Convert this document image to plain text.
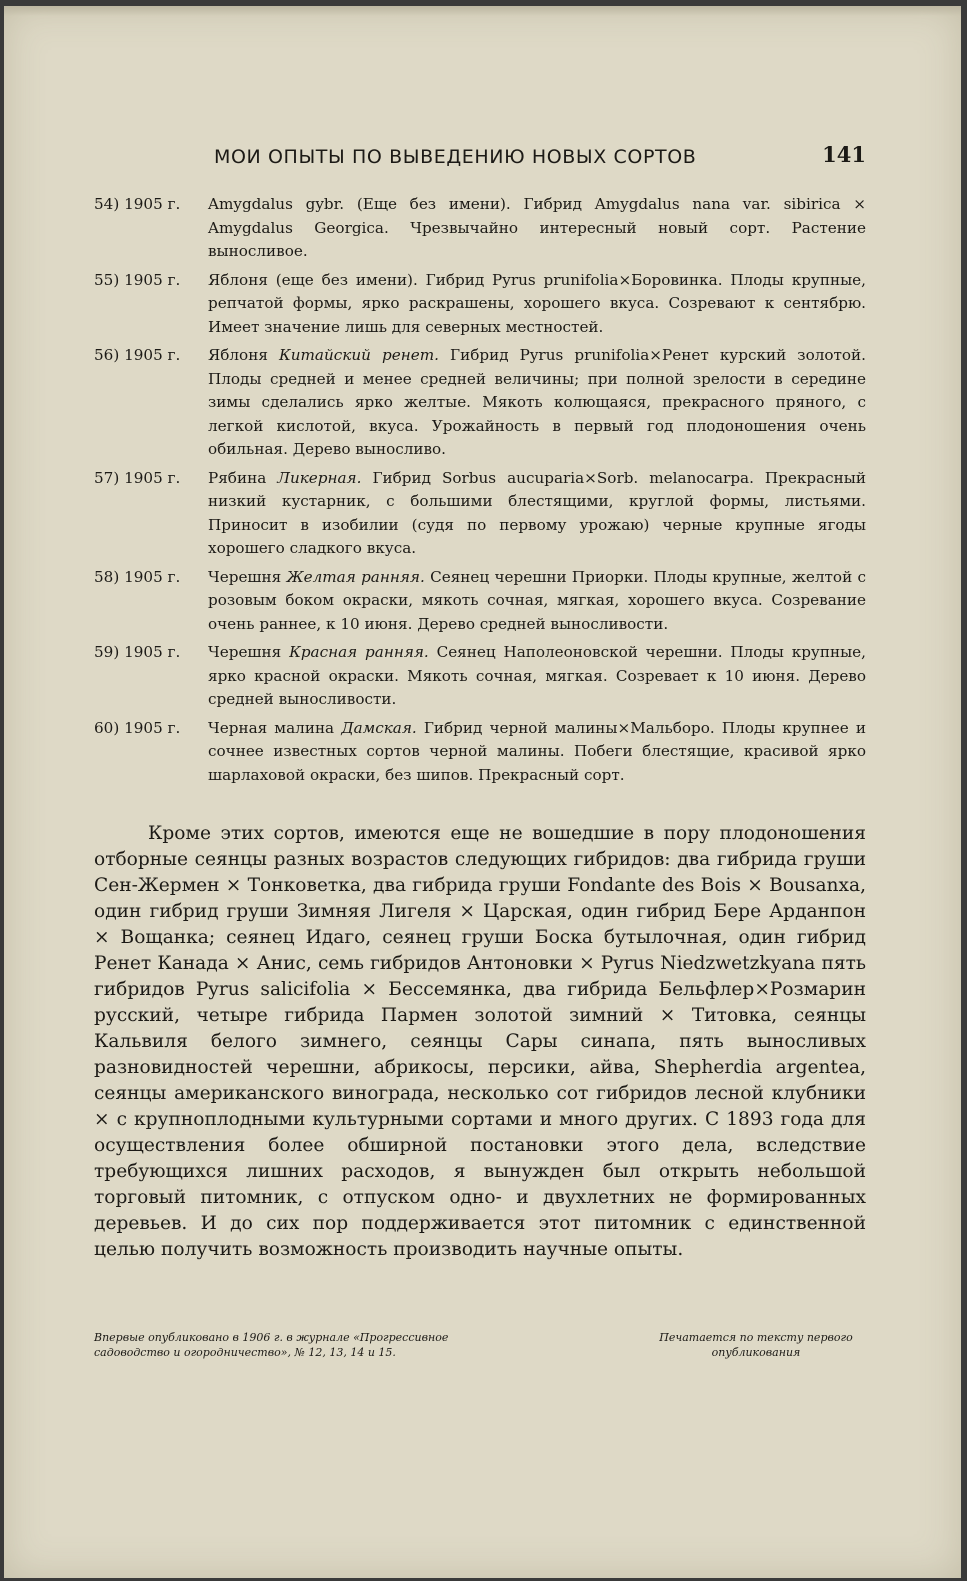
МОИ ОПЫТЫ ПО ВЫВЕДЕНИЮ НОВЫХ СОРТОВ	141
54) 1905 г.	Amygdalus gybr. (Еще без имени). Гибрид Amygdalus nana var. sibirica × Amygdalus Georgica. Чрезвычайно интересный новый сорт. Растение выносливое.
55) 1905 г.	Яблоня (еще без имени). Гибрид Pyrus prunifolia×Боровинка. Плоды крупные, репчатой формы, ярко раскрашены, хорошего вкуса. Созревают к сентябрю. Имеет значение лишь для северных местностей.
56) 1905 г.	Яблоня Китайский ренет. Гибрид Pyrus prunifolia×Ренет курский золотой. Плоды средней и менее средней величины; при полной зрелости в середине зимы сделались ярко желтые. Мякоть колющаяся, прекрасного пряного, с легкой кислотой, вкуса. Урожайность в первый год плодоношения очень обильная. Дерево выносливо.
57) 1905 г.	Рябина Ликерная. Гибрид Sorbus aucuparia×Sorb. melanocarpa. Прекрасный низкий кустарник, с большими блестящими, круглой формы, листьями. Приносит в изобилии (судя по первому урожаю) черные крупные ягоды хорошего сладкого вкуса.
58) 1905 г.	Черешня Желтая ранняя. Сеянец черешни Приорки. Плоды крупные, желтой с розовым боком окраски, мякоть сочная, мягкая, хорошего вкуса. Созревание очень раннее, к 10 июня. Дерево средней выносливости.
59) 1905 г.	Черешня Красная ранняя. Сеянец Наполеоновской черешни. Плоды крупные, ярко красной окраски. Мякоть сочная, мягкая. Созревает к 10 июня. Дерево средней выносливости.
60) 1905 г.	Черная малина Дамская. Гибрид черной малины×Мальборо. Плоды крупнее и сочнее известных сортов черной малины. Побеги блестящие, красивой ярко шарлаховой окраски, без шипов. Прекрасный сорт.

Кроме этих сортов, имеются еще не вошедшие в пору плодоношения отборные сеянцы разных возрастов следующих гибридов: два гибрида груши Сен-Жермен × Тонковетка, два гибрида груши Fondante des Bois × Bousanxa, один гибрид груши Зимняя Лигеля × Царская, один гибрид Бере Арданпон × Вощанка; сеянец Идаго, сеянец груши Боска бутылочная, один гибрид Ренет Канада × Анис, семь гибридов Антоновки × Pyrus Niedzwetzkyana пять гибридов Pyrus salicifolia × Бессемянка, два гибрида Бельфлер×Розмарин русский, четыре гибрида Пармен золотой зимний × Титовка, сеянцы Кальвиля белого зимнего, сеянцы Сары синапа, пять выносливых разновидностей черешни, абрикосы, персики, айва, Shepherdia argentea, сеянцы американского винограда, несколько сот гибридов лесной клубники × с крупноплодными культурными сортами и много других. С 1893 года для осуществления более обширной постановки этого дела, вследствие требующихся лишних расходов, я вынужден был открыть небольшой торговый питомник, с отпуском одно- и двухлетних не формированных деревьев. И до сих пор поддерживается этот питомник с единственной целью получить возможность производить научные опыты.

Впервые опубликовано в 1906 г. в журнале «Прогрессивное садоводство и огородничество», № 12, 13, 14 и 15.
Печатается по тексту первого опубликования
